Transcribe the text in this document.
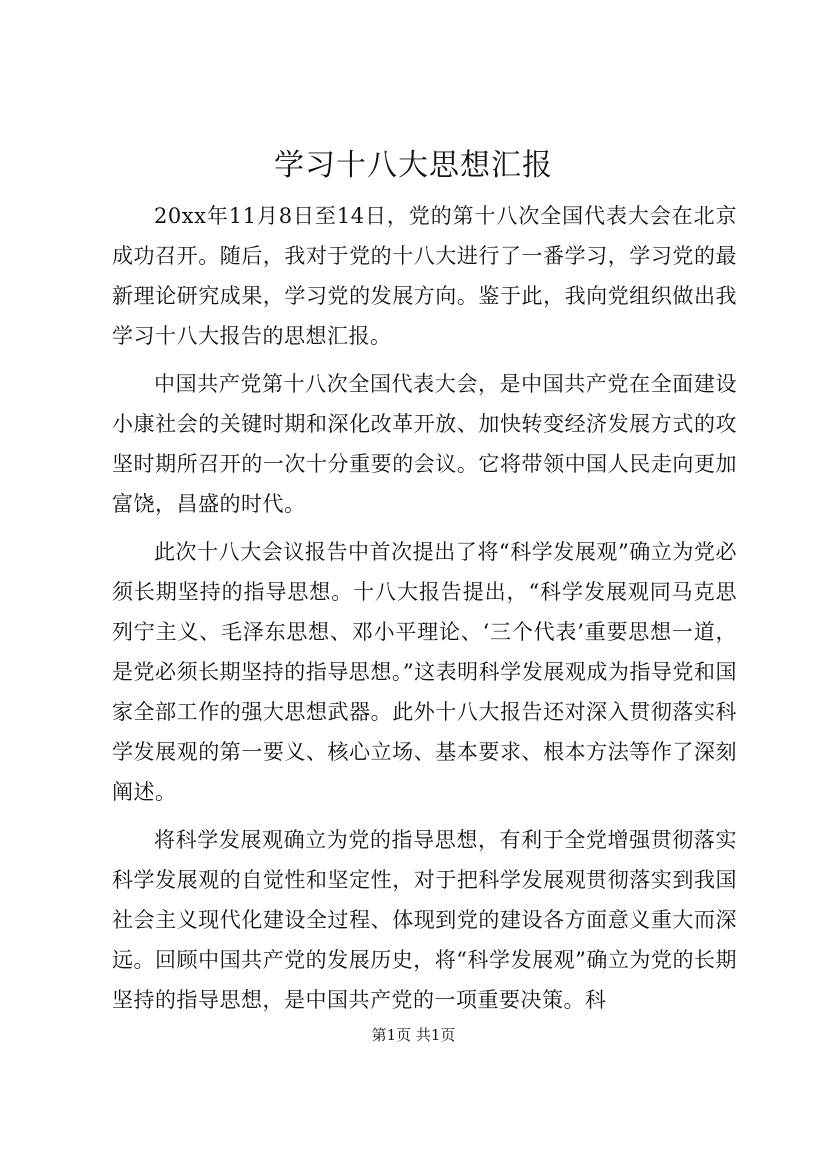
学习十八大思想汇报

20xx年11月8日至14日，党的第十八次全国代表大会在北京成功召开。随后，我对于党的十八大进行了一番学习，学习党的最新理论研究成果，学习党的发展方向。鉴于此，我向党组织做出我学习十八大报告的思想汇报。

中国共产党第十八次全国代表大会，是中国共产党在全面建设小康社会的关键时期和深化改革开放、加快转变经济发展方式的攻坚时期所召开的一次十分重要的会议。它将带领中国人民走向更加富饶，昌盛的时代。

此次十八大会议报告中首次提出了将“科学发展观”确立为党必须长期坚持的指导思想。十八大报告提出，“科学发展观同马克思列宁主义、毛泽东思想、邓小平理论、‘三个代表’重要思想一道，是党必须长期坚持的指导思想。”这表明科学发展观成为指导党和国家全部工作的强大思想武器。此外十八大报告还对深入贯彻落实科学发展观的第一要义、核心立场、基本要求、根本方法等作了深刻阐述。

将科学发展观确立为党的指导思想，有利于全党增强贯彻落实科学发展观的自觉性和坚定性，对于把科学发展观贯彻落实到我国社会主义现代化建设全过程、体现到党的建设各方面意义重大而深远。回顾中国共产党的发展历史，将“科学发展观”确立为党的长期坚持的指导思想，是中国共产党的一项重要决策。科

第1页 共1页
